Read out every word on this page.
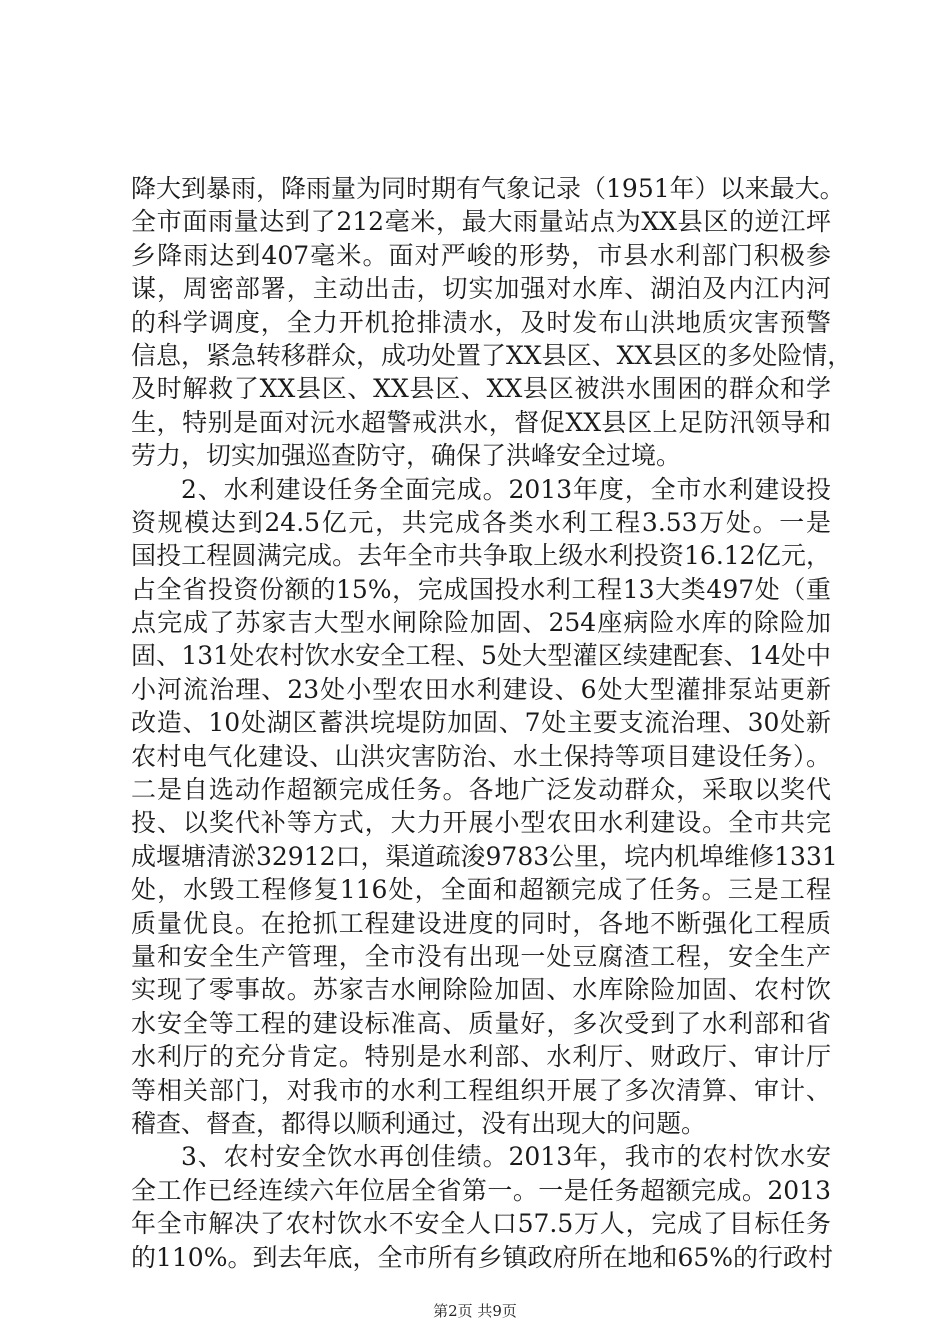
降大到暴雨，降雨量为同时期有气象记录（1951年）以来最大。
全市面雨量达到了212毫米，最大雨量站点为XX县区的逆江坪
乡降雨达到407毫米。面对严峻的形势，市县水利部门积极参
谋，周密部署，主动出击，切实加强对水库、湖泊及内江内河
的科学调度，全力开机抢排渍水，及时发布山洪地质灾害预警
信息，紧急转移群众，成功处置了XX县区、XX县区的多处险情，
及时解救了XX县区、XX县区、XX县区被洪水围困的群众和学
生，特别是面对沅水超警戒洪水，督促XX县区上足防汛领导和
劳力，切实加强巡查防守，确保了洪峰安全过境。
2、水利建设任务全面完成。2013年度，全市水利建设投
资规模达到24.5亿元，共完成各类水利工程3.53万处。一是
国投工程圆满完成。去年全市共争取上级水利投资16.12亿元，
占全省投资份额的15%，完成国投水利工程13大类497处（重
点完成了苏家吉大型水闸除险加固、254座病险水库的除险加
固、131处农村饮水安全工程、5处大型灌区续建配套、14处中
小河流治理、23处小型农田水利建设、6处大型灌排泵站更新
改造、10处湖区蓄洪垸堤防加固、7处主要支流治理、30处新
农村电气化建设、山洪灾害防治、水土保持等项目建设任务）。
二是自选动作超额完成任务。各地广泛发动群众，采取以奖代
投、以奖代补等方式，大力开展小型农田水利建设。全市共完
成堰塘清淤32912口，渠道疏浚9783公里，垸内机埠维修1331
处，水毁工程修复116处，全面和超额完成了任务。三是工程
质量优良。在抢抓工程建设进度的同时，各地不断强化工程质
量和安全生产管理，全市没有出现一处豆腐渣工程，安全生产
实现了零事故。苏家吉水闸除险加固、水库除险加固、农村饮
水安全等工程的建设标准高、质量好，多次受到了水利部和省
水利厅的充分肯定。特别是水利部、水利厅、财政厅、审计厅
等相关部门，对我市的水利工程组织开展了多次清算、审计、
稽查、督查，都得以顺利通过，没有出现大的问题。
3、农村安全饮水再创佳绩。2013年，我市的农村饮水安
全工作已经连续六年位居全省第一。一是任务超额完成。2013
年全市解决了农村饮水不安全人口57.5万人，完成了目标任务
的110%。到去年底，全市所有乡镇政府所在地和65%的行政村
第2页 共9页
